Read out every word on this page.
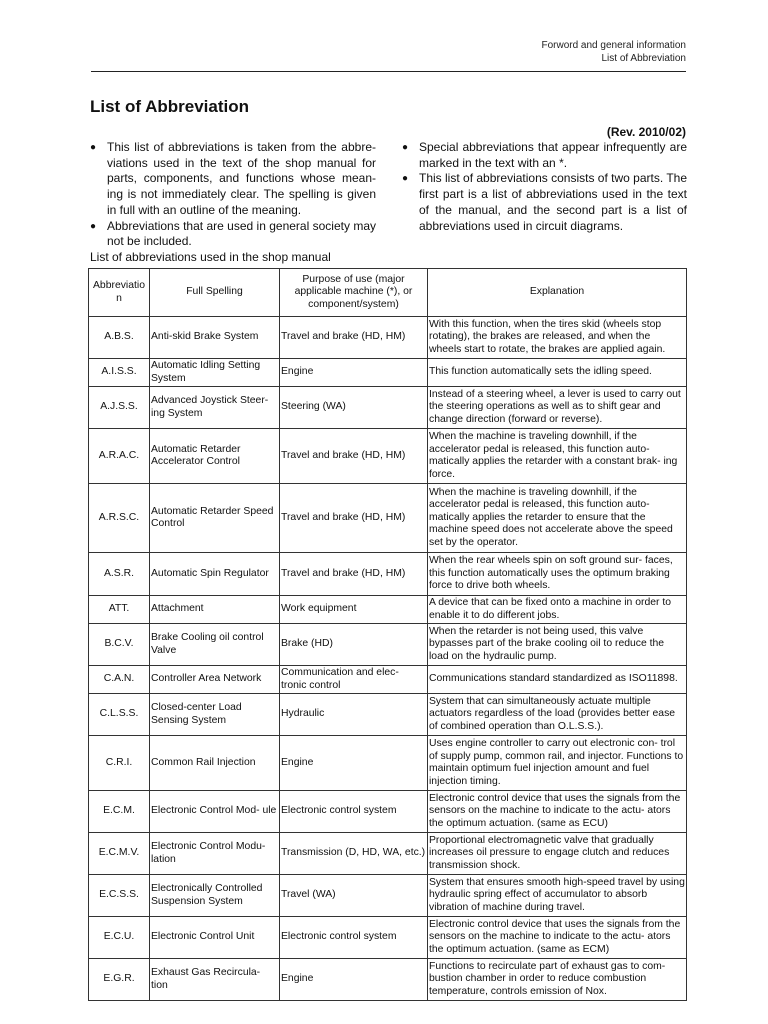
Forword and general information
List of Abbreviation
List of Abbreviation
(Rev. 2010/02)
● This list of abbreviations is taken from the abbre- viations used in the text of the shop manual for parts, components, and functions whose mean- ing is not immediately clear. The spelling is given in full with an outline of the meaning.
● Abbreviations that are used in general society may not be included.
● Special abbreviations that appear infrequently are marked in the text with an *.
● This list of abbreviations consists of two parts. The first part is a list of abbreviations used in the text of the manual, and the second part is a list of abbreviations used in circuit diagrams.
List of abbreviations used in the shop manual
Abbreviatio n	Full Spelling	Purpose of use (major applicable machine (*), or component/system)	Explanation
A.B.S.	Anti-skid Brake System	Travel and brake (HD, HM)	With this function, when the tires skid (wheels stop rotating), the brakes are released, and when the wheels start to rotate, the brakes are applied again.
A.I.S.S.	Automatic Idling Setting System	Engine	This function automatically sets the idling speed.
A.J.S.S.	Advanced Joystick Steer- ing System	Steering (WA)	Instead of a steering wheel, a lever is used to carry out the steering operations as well as to shift gear and change direction (forward or reverse).
A.R.A.C.	Automatic Retarder Accelerator Control	Travel and brake (HD, HM)	When the machine is traveling downhill, if the accelerator pedal is released, this function auto- matically applies the retarder with a constant brak- ing force.
A.R.S.C.	Automatic Retarder Speed Control	Travel and brake (HD, HM)	When the machine is traveling downhill, if the accelerator pedal is released, this function auto- matically applies the retarder to ensure that the machine speed does not accelerate above the speed set by the operator.
A.S.R.	Automatic Spin Regulator	Travel and brake (HD, HM)	When the rear wheels spin on soft ground sur- faces, this function automatically uses the optimum braking force to drive both wheels.
ATT.	Attachment	Work equipment	A device that can be fixed onto a machine in order to enable it to do different jobs.
B.C.V.	Brake Cooling oil control Valve	Brake (HD)	When the retarder is not being used, this valve bypasses part of the brake cooling oil to reduce the load on the hydraulic pump.
C.A.N.	Controller Area Network	Communication and elec- tronic control	Communications standard standardized as ISO11898.
C.L.S.S.	Closed-center Load Sensing System	Hydraulic	System that can simultaneously actuate multiple actuators regardless of the load (provides better ease of combined operation than O.L.S.S.).
C.R.I.	Common Rail Injection	Engine	Uses engine controller to carry out electronic con- trol of supply pump, common rail, and injector. Functions to maintain optimum fuel injection amount and fuel injection timing.
E.C.M.	Electronic Control Mod- ule	Electronic control system	Electronic control device that uses the signals from the sensors on the machine to indicate to the actu- ators the optimum actuation. (same as ECU)
E.C.M.V.	Electronic Control Modu- lation	Transmission (D, HD, WA, etc.)	Proportional electromagnetic valve that gradually increases oil pressure to engage clutch and reduces transmission shock.
E.C.S.S.	Electronically Controlled Suspension System	Travel (WA)	System that ensures smooth high-speed travel by using hydraulic spring effect of accumulator to absorb vibration of machine during travel.
E.C.U.	Electronic Control Unit	Electronic control system	Electronic control device that uses the signals from the sensors on the machine to indicate to the actu- ators the optimum actuation. (same as ECM)
E.G.R.	Exhaust Gas Recircula- tion	Engine	Functions to recirculate part of exhaust gas to com- bustion chamber in order to reduce combustion temperature, controls emission of Nox.
